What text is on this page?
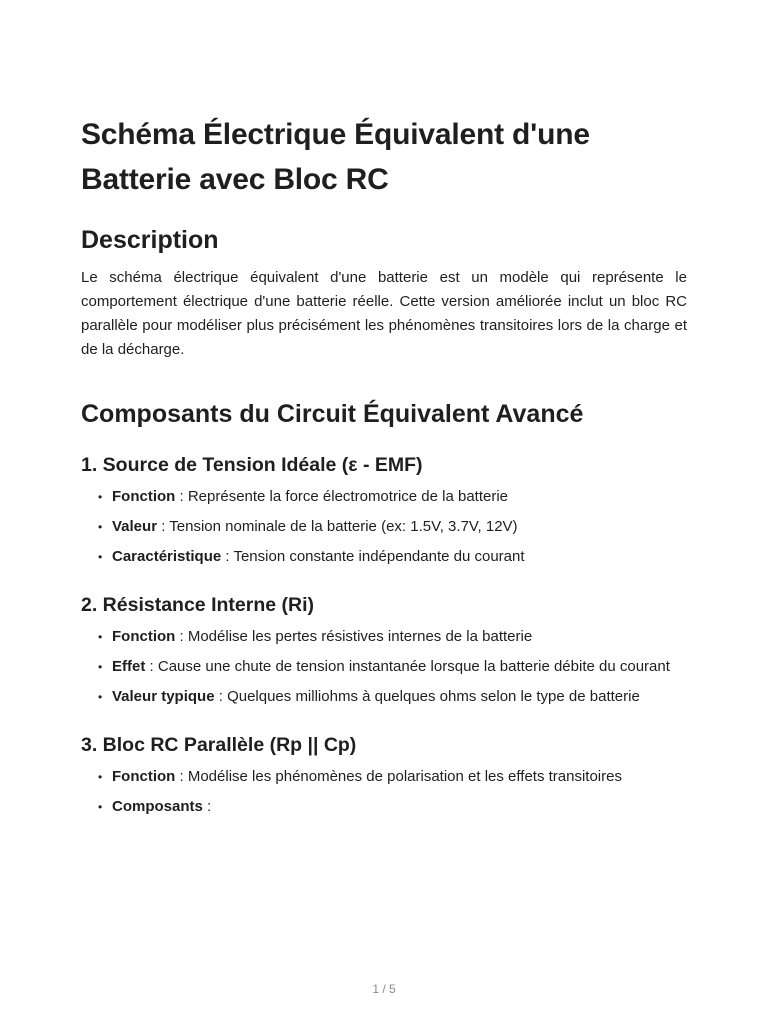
Schéma Électrique Équivalent d'une Batterie avec Bloc RC
Description

Le schéma électrique équivalent d'une batterie est un modèle qui représente le comportement électrique d'une batterie réelle. Cette version améliorée inclut un bloc RC parallèle pour modéliser plus précisément les phénomènes transitoires lors de la charge et de la décharge.

Composants du Circuit Équivalent Avancé
1. Source de Tension Idéale (ε - EMF)
• Fonction : Représente la force électromotrice de la batterie
• Valeur : Tension nominale de la batterie (ex: 1.5V, 3.7V, 12V)
• Caractéristique : Tension constante indépendante du courant
2. Résistance Interne (Ri)
• Fonction : Modélise les pertes résistives internes de la batterie
• Effet : Cause une chute de tension instantanée lorsque la batterie débite du courant
• Valeur typique : Quelques milliohms à quelques ohms selon le type de batterie
3. Bloc RC Parallèle (Rp || Cp)
• Fonction : Modélise les phénomènes de polarisation et les effets transitoires
• Composants :
1 / 5
